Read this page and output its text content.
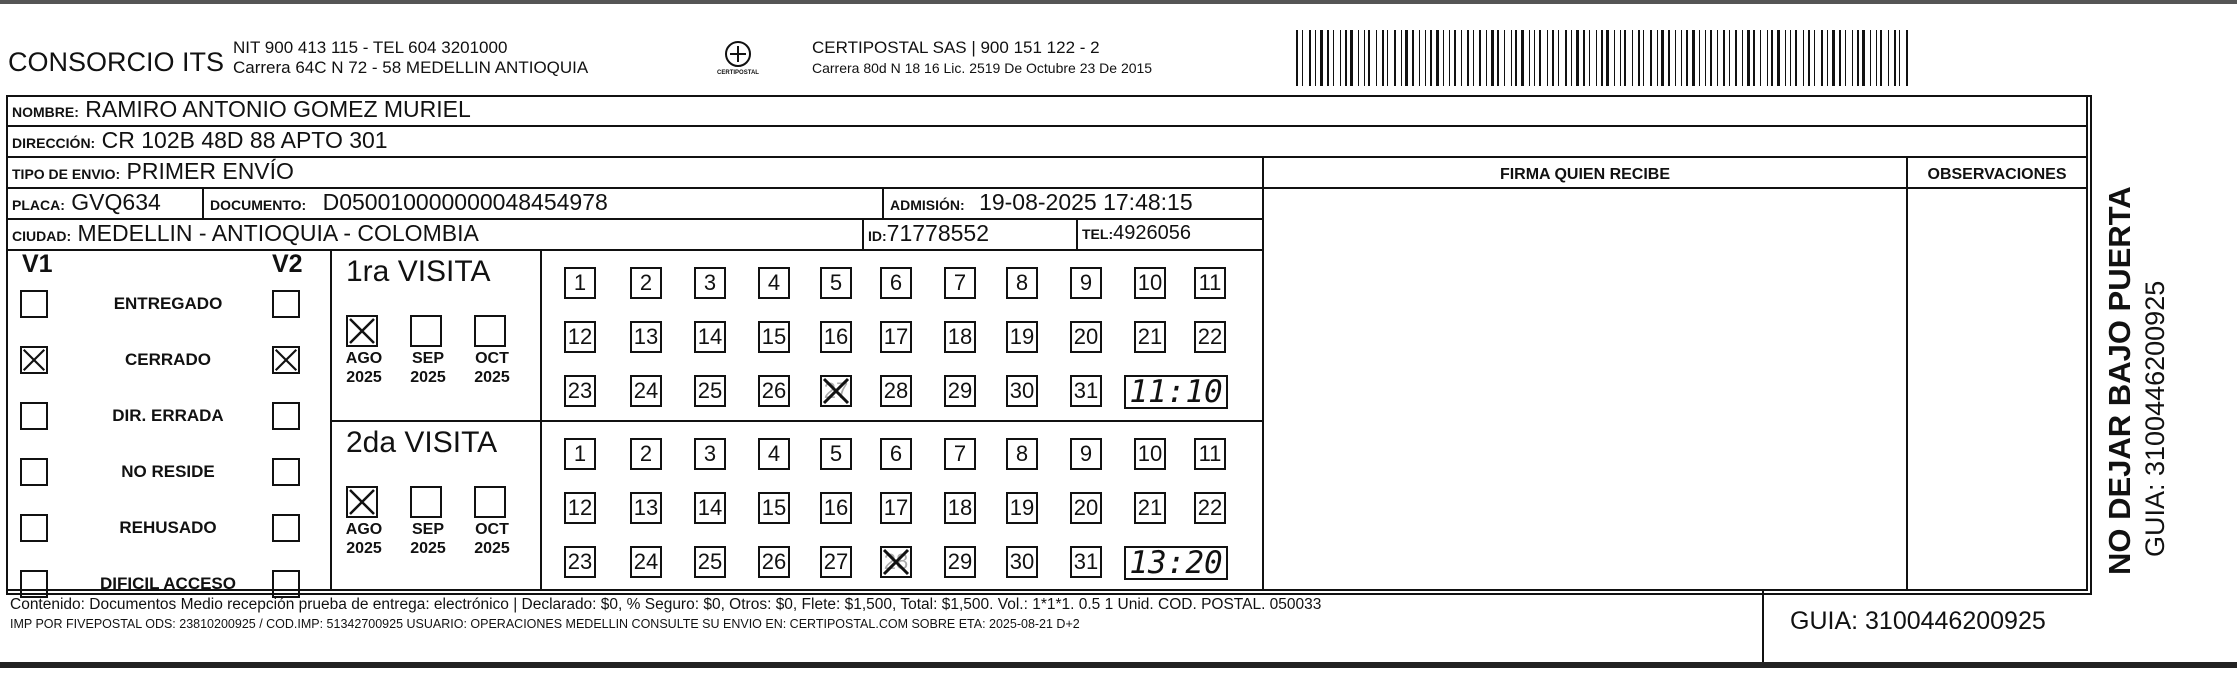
CONSORCIO ITS NIT 900 413 115 - TEL 604 3201000
Carrera 64C N 72 - 58 MEDELLIN ANTIOQUIA	CERTIPOSTAL
CERTIPOSTAL SAS | 900 151 122 - 2
Carrera 80d N 18 16 Lic. 2519 De Octubre 23 De 2015
NOMBRE: RAMIRO ANTONIO GOMEZ MURIEL
DIRECCIÓN: CR 102B 48D 88 APTO 301
TIPO DE ENVIO: PRIMER ENVÍO
PLACA: GVQ634	DOCUMENTO: D050010000000048454978	ADMISIÓN: 19-08-2025 17:48:15
CIUDAD: MEDELLIN - ANTIOQUIA - COLOMBIA	ID:71778552	TEL:4926056
FIRMA QUIEN RECIBE	OBSERVACIONES
V1	V2
ENTREGADO
CERRADO
DIR. ERRADA
NO RESIDE
REHUSADO
DIFICIL ACCESO
1ra VISITA
AGO
2025
SEP
2025
OCT
2025
1	2	3	4	5	6	7	8	9	10 11
12 13 14 15 16 17 18 19 20 21 22
23 24 25 26 27 28 29 30 31 11:10
2da VISITA
AGO
2025
SEP
2025
OCT
2025
1	2	3	4	5	6	7	8	9	10 11
12 13 14 15 16 17 18 19 20 21 22
23 24 25 26 27 28 29 30 31 13:20
Contenido: Documentos Medio recepción prueba de entrega: electrónico | Declarado: $0, % Seguro: $0, Otros: $0, Flete: $1,500, Total: $1,500. Vol.: 1*1*1. 0.5 1 Unid. COD. POSTAL. 050033
IMP POR FIVEPOSTAL ODS: 23810200925 / COD.IMP: 51342700925 USUARIO: OPERACIONES MEDELLIN CONSULTE SU ENVIO EN: CERTIPOSTAL.COM SOBRE ETA: 2025-08-21 D+2	GUIA: 3100446200925
NO DEJAR BAJO PUERTA GUIA: 3100446200925
